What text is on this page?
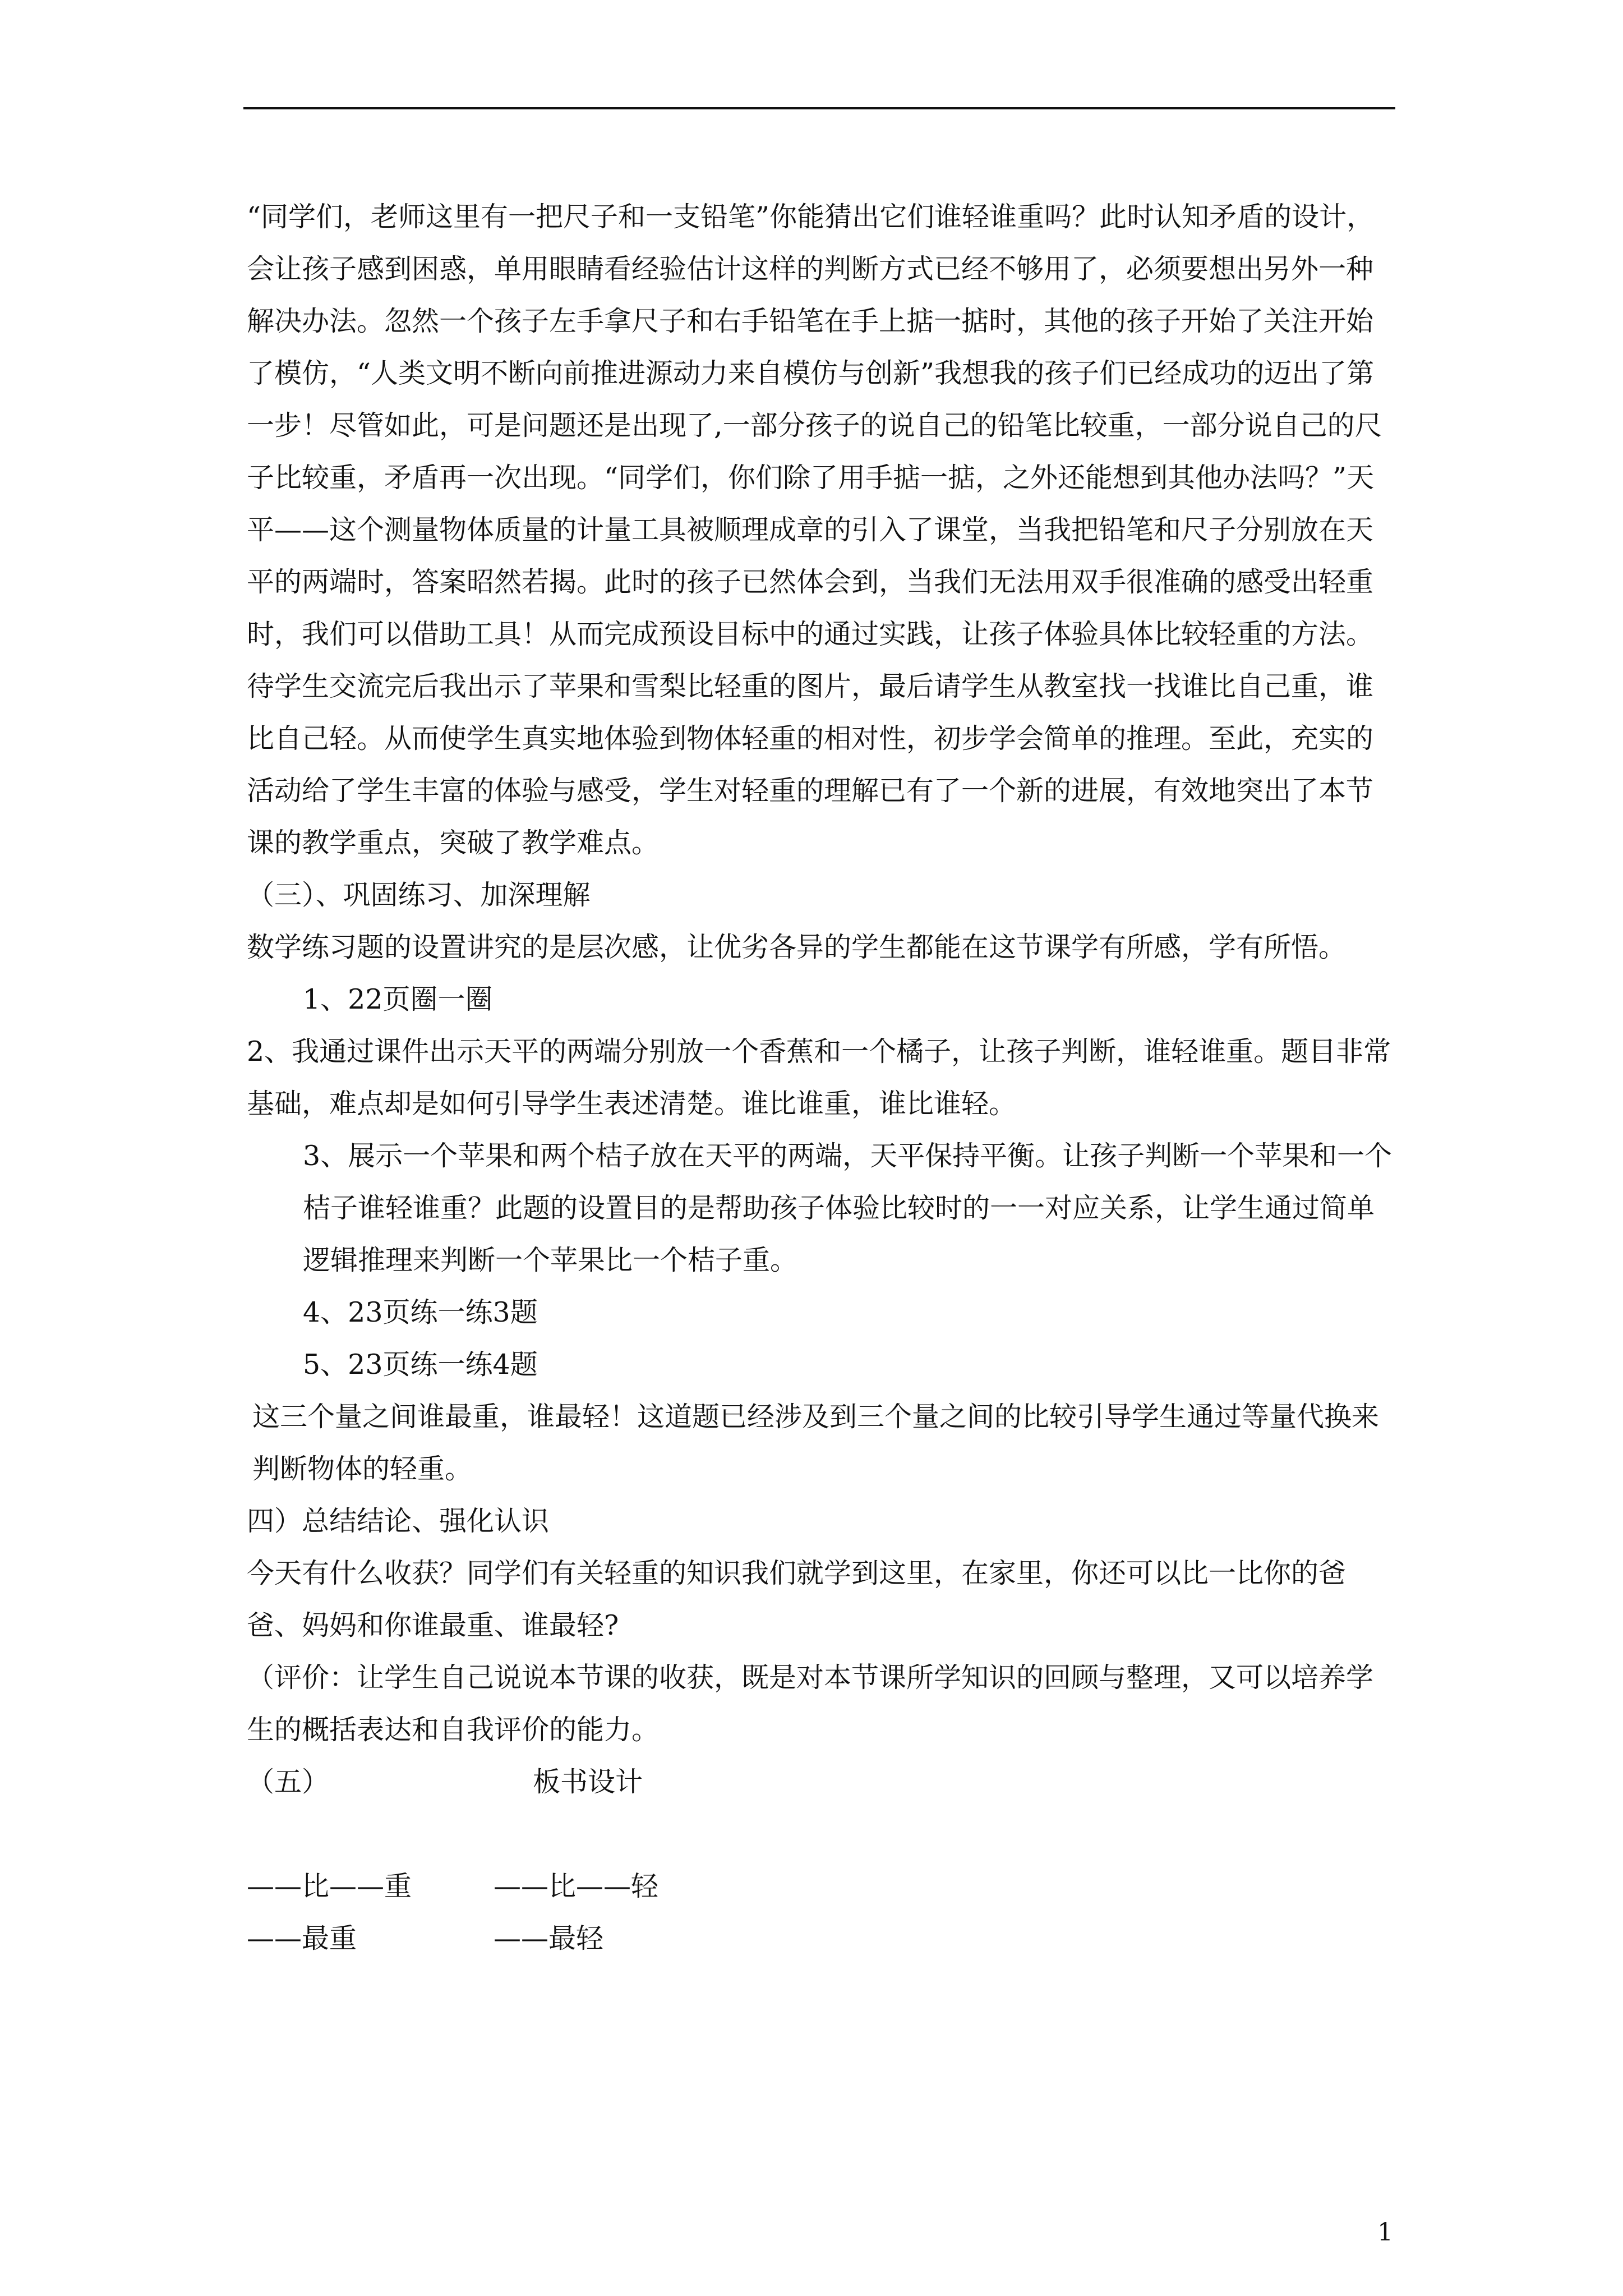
“同学们，老师这里有一把尺子和一支铅笔”你能猜出它们谁轻谁重吗？此时认知矛盾的设计，会让孩子感到困惑，单用眼睛看经验估计这样的判断方式已经不够用了，必须要想出另外一种解决办法。忽然一个孩子左手拿尺子和右手铅笔在手上掂一掂时，其他的孩子开始了关注开始了模仿，“人类文明不断向前推进源动力来自模仿与创新”我想我的孩子们已经成功的迈出了第一步！尽管如此，可是问题还是出现了,一部分孩子的说自己的铅笔比较重，一部分说自己的尺子比较重，矛盾再一次出现。“同学们，你们除了用手掂一掂，之外还能想到其他办法吗？”天平——这个测量物体质量的计量工具被顺理成章的引入了课堂，当我把铅笔和尺子分别放在天平的两端时，答案昭然若揭。此时的孩子已然体会到，当我们无法用双手很准确的感受出轻重时，我们可以借助工具！从而完成预设目标中的通过实践，让孩子体验具体比较轻重的方法。待学生交流完后我出示了苹果和雪梨比轻重的图片，最后请学生从教室找一找谁比自己重，谁比自己轻。从而使学生真实地体验到物体轻重的相对性，初步学会简单的推理。至此，充实的活动给了学生丰富的体验与感受，学生对轻重的理解已有了一个新的进展，有效地突出了本节课的教学重点，突破了教学难点。

（三）、巩固练习、加深理解

数学练习题的设置讲究的是层次感，让优劣各异的学生都能在这节课学有所感，学有所悟。

1、22页圈一圈

2、我通过课件出示天平的两端分别放一个香蕉和一个橘子，让孩子判断，谁轻谁重。题目非常基础，难点却是如何引导学生表述清楚。谁比谁重，谁比谁轻。

3、展示一个苹果和两个桔子放在天平的两端，天平保持平衡。让孩子判断一个苹果和一个桔子谁轻谁重？此题的设置目的是帮助孩子体验比较时的一一对应关系，让学生通过简单逻辑推理来判断一个苹果比一个桔子重。

4、23页练一练3题

5、23页练一练4题

这三个量之间谁最重，谁最轻！这道题已经涉及到三个量之间的比较引导学生通过等量代换来判断物体的轻重。

四）总结结论、强化认识

今天有什么收获？同学们有关轻重的知识我们就学到这里，在家里，你还可以比一比你的爸爸、妈妈和你谁最重、谁最轻?

（评价：让学生自己说说本节课的收获，既是对本节课所学知识的回顾与整理，又可以培养学生的概括表达和自我评价的能力。

（五）	板书设计

——比——重	——比——轻

——最重	——最轻

1
